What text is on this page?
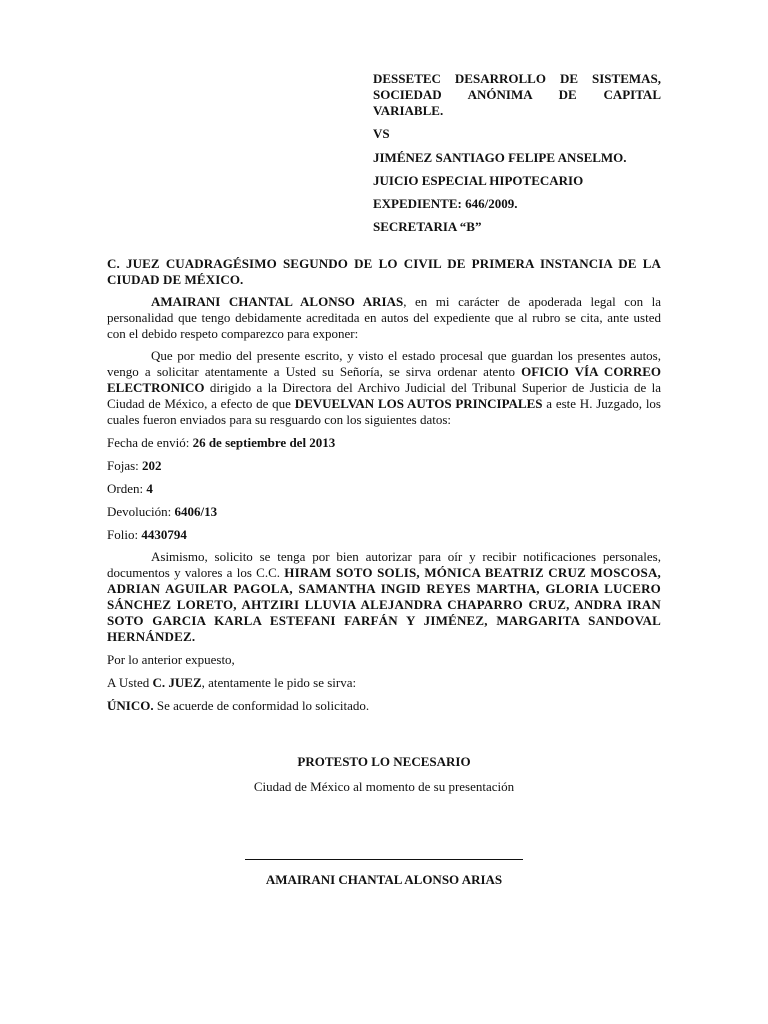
DESSETEC DESARROLLO DE SISTEMAS, SOCIEDAD ANÓNIMA DE CAPITAL VARIABLE.

VS

JIMÉNEZ SANTIAGO FELIPE ANSELMO.

JUICIO ESPECIAL HIPOTECARIO

EXPEDIENTE: 646/2009.

SECRETARIA “B”

C. JUEZ CUADRAGÉSIMO SEGUNDO DE LO CIVIL DE PRIMERA INSTANCIA DE LA CIUDAD DE MÉXICO.

AMAIRANI CHANTAL ALONSO ARIAS, en mi carácter de apoderada legal con la personalidad que tengo debidamente acreditada en autos del expediente que al rubro se cita, ante usted con el debido respeto comparezco para exponer:

Que por medio del presente escrito, y visto el estado procesal que guardan los presentes autos, vengo a solicitar atentamente a Usted su Señoría, se sirva ordenar atento OFICIO VÍA CORREO ELECTRONICO dirigido a la Directora del Archivo Judicial del Tribunal Superior de Justicia de la Ciudad de México, a efecto de que DEVUELVAN LOS AUTOS PRINCIPALES a este H. Juzgado, los cuales fueron enviados para su resguardo con los siguientes datos:

Fecha de envió: 26 de septiembre del 2013

Fojas: 202

Orden: 4

Devolución: 6406/13

Folio: 4430794

Asimismo, solicito se tenga por bien autorizar para oír y recibir notificaciones personales, documentos y valores a los C.C. HIRAM SOTO SOLIS, MÓNICA BEATRIZ CRUZ MOSCOSA, ADRIAN AGUILAR PAGOLA, SAMANTHA INGID REYES MARTHA, GLORIA LUCERO SÁNCHEZ LORETO, AHTZIRI LLUVIA ALEJANDRA CHAPARRO CRUZ, ANDRA IRAN SOTO GARCIA KARLA ESTEFANI FARFÁN Y JIMÉNEZ, MARGARITA SANDOVAL HERNÁNDEZ.

Por lo anterior expuesto,

A Usted C. JUEZ, atentamente le pido se sirva:

ÚNICO. Se acuerde de conformidad lo solicitado.

PROTESTO LO NECESARIO
Ciudad de México al momento de su presentación
AMAIRANI CHANTAL ALONSO ARIAS
